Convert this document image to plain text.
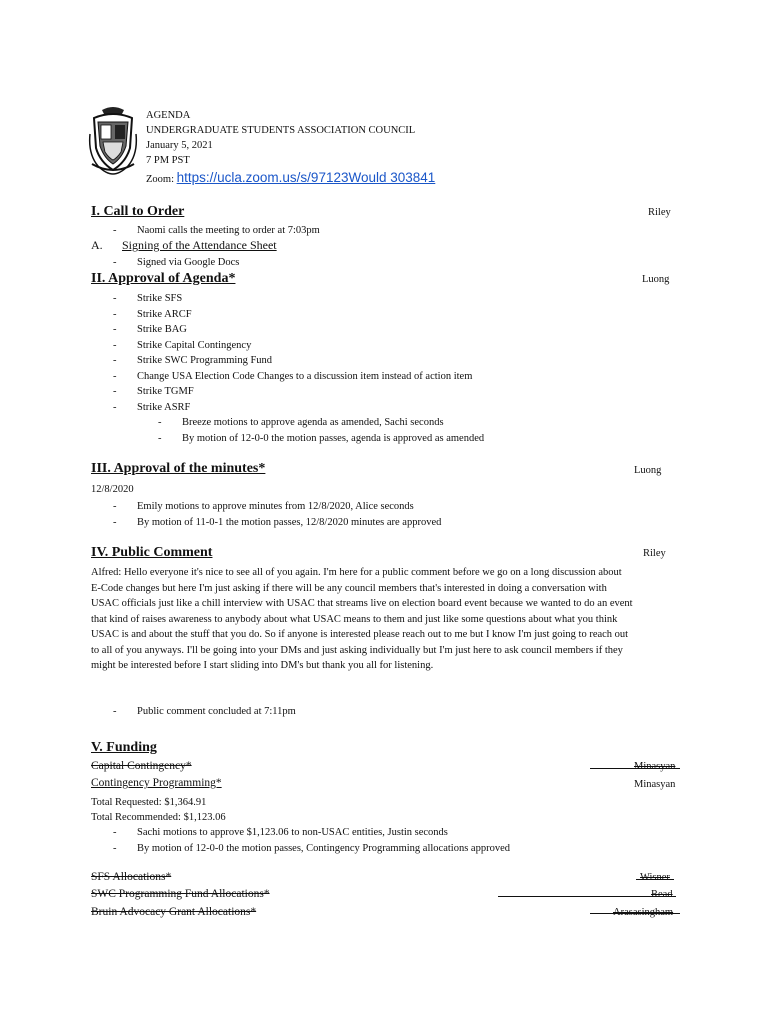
AGENDA
UNDERGRADUATE STUDENTS ASSOCIATION COUNCIL
January 5, 2021
7 PM PST
Zoom: https://ucla.zoom.us/s/97123Would 303841
I. Call to Order	Riley
- Naomi calls the meeting to order at 7:03pm
A. Signing of the Attendance Sheet
- Signed via Google Docs
II. Approval of Agenda*	Luong
- Strike SFS
- Strike ARCF
- Strike BAG
- Strike Capital Contingency
- Strike SWC Programming Fund
- Change USA Election Code Changes to a discussion item instead of action item
- Strike TGMF
- Strike ASRF
- Breeze motions to approve agenda as amended, Sachi seconds
- By motion of 12-0-0 the motion passes, agenda is approved as amended
III. Approval of the minutes*	Luong
12/8/2020
- Emily motions to approve minutes from 12/8/2020, Alice seconds
- By motion of 11-0-1 the motion passes, 12/8/2020 minutes are approved
IV. Public Comment	Riley
Alfred: Hello everyone it's nice to see all of you again. I'm here for a public comment before we go on a long discussion about
E-Code changes but here I'm just asking if there will be any council members that's interested in doing a conversation with
USAC officials just like a chill interview with USAC that streams live on election board event because we wanted to do an event
that kind of raises awareness to anybody about what USAC means to them and just like some questions about what you think
USAC is and about the stuff that you do. So if anyone is interested please reach out to me but I know I'm just going to reach out
to all of you anyways. I'll be going into your DMs and just asking individually but I'm just here to ask council members if they
might be interested before I start sliding into DM's but thank you all for listening.
- Public comment concluded at 7:11pm
V. Funding
Capital Contingency*	Minasyan
Contingency Programming*	Minasyan
Total Requested: $1,364.91
Total Recommended: $1,123.06
- Sachi motions to approve $1,123.06 to non-USAC entities, Justin seconds
- By motion of 12-0-0 the motion passes, Contingency Programming allocations approved
SFS Allocations*	Wisner
SWC Programming Fund Allocations*	Read
Bruin Advocacy Grant Allocations*	Arasasingham
